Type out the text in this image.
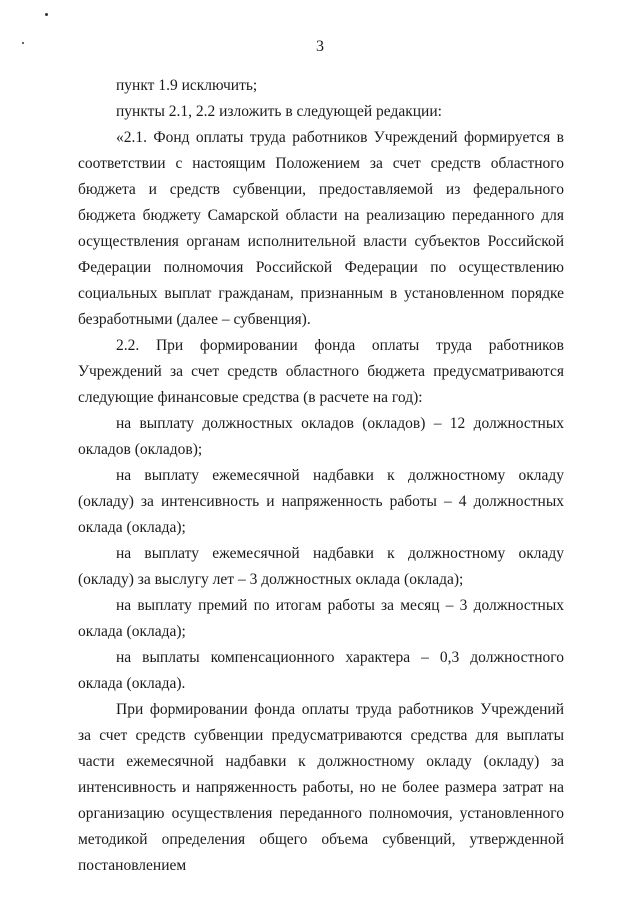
3

пункт 1.9 исключить;

пункты 2.1, 2.2 изложить в следующей редакции:

«2.1. Фонд оплаты труда работников Учреждений формируется в соответствии с настоящим Положением за счет средств областного бюджета и средств субвенции, предоставляемой из федерального бюджета бюджету Самарской области на реализацию переданного для осуществления органам исполнительной власти субъектов Российской Федерации полномочия Российской Федерации по осуществлению социальных выплат гражданам, признанным в установленном порядке безработными (далее – субвенция).

2.2. При формировании фонда оплаты труда работников Учреждений за счет средств областного бюджета предусматриваются следующие финансовые средства (в расчете на год):

на выплату должностных окладов (окладов) – 12 должностных окладов (окладов);

на выплату ежемесячной надбавки к должностному окладу (окладу) за интенсивность и напряженность работы – 4 должностных оклада (оклада);

на выплату ежемесячной надбавки к должностному окладу (окладу) за выслугу лет – 3 должностных оклада (оклада);

на выплату премий по итогам работы за месяц – 3 должностных оклада (оклада);

на выплаты компенсационного характера – 0,3 должностного оклада (оклада).

При формировании фонда оплаты труда работников Учреждений за счет средств субвенции предусматриваются средства для выплаты части ежемесячной надбавки к должностному окладу (окладу) за интенсивность и напряженность работы, но не более размера затрат на организацию осуществления переданного полномочия, установленного методикой определения общего объема субвенций, утвержденной постановлением
